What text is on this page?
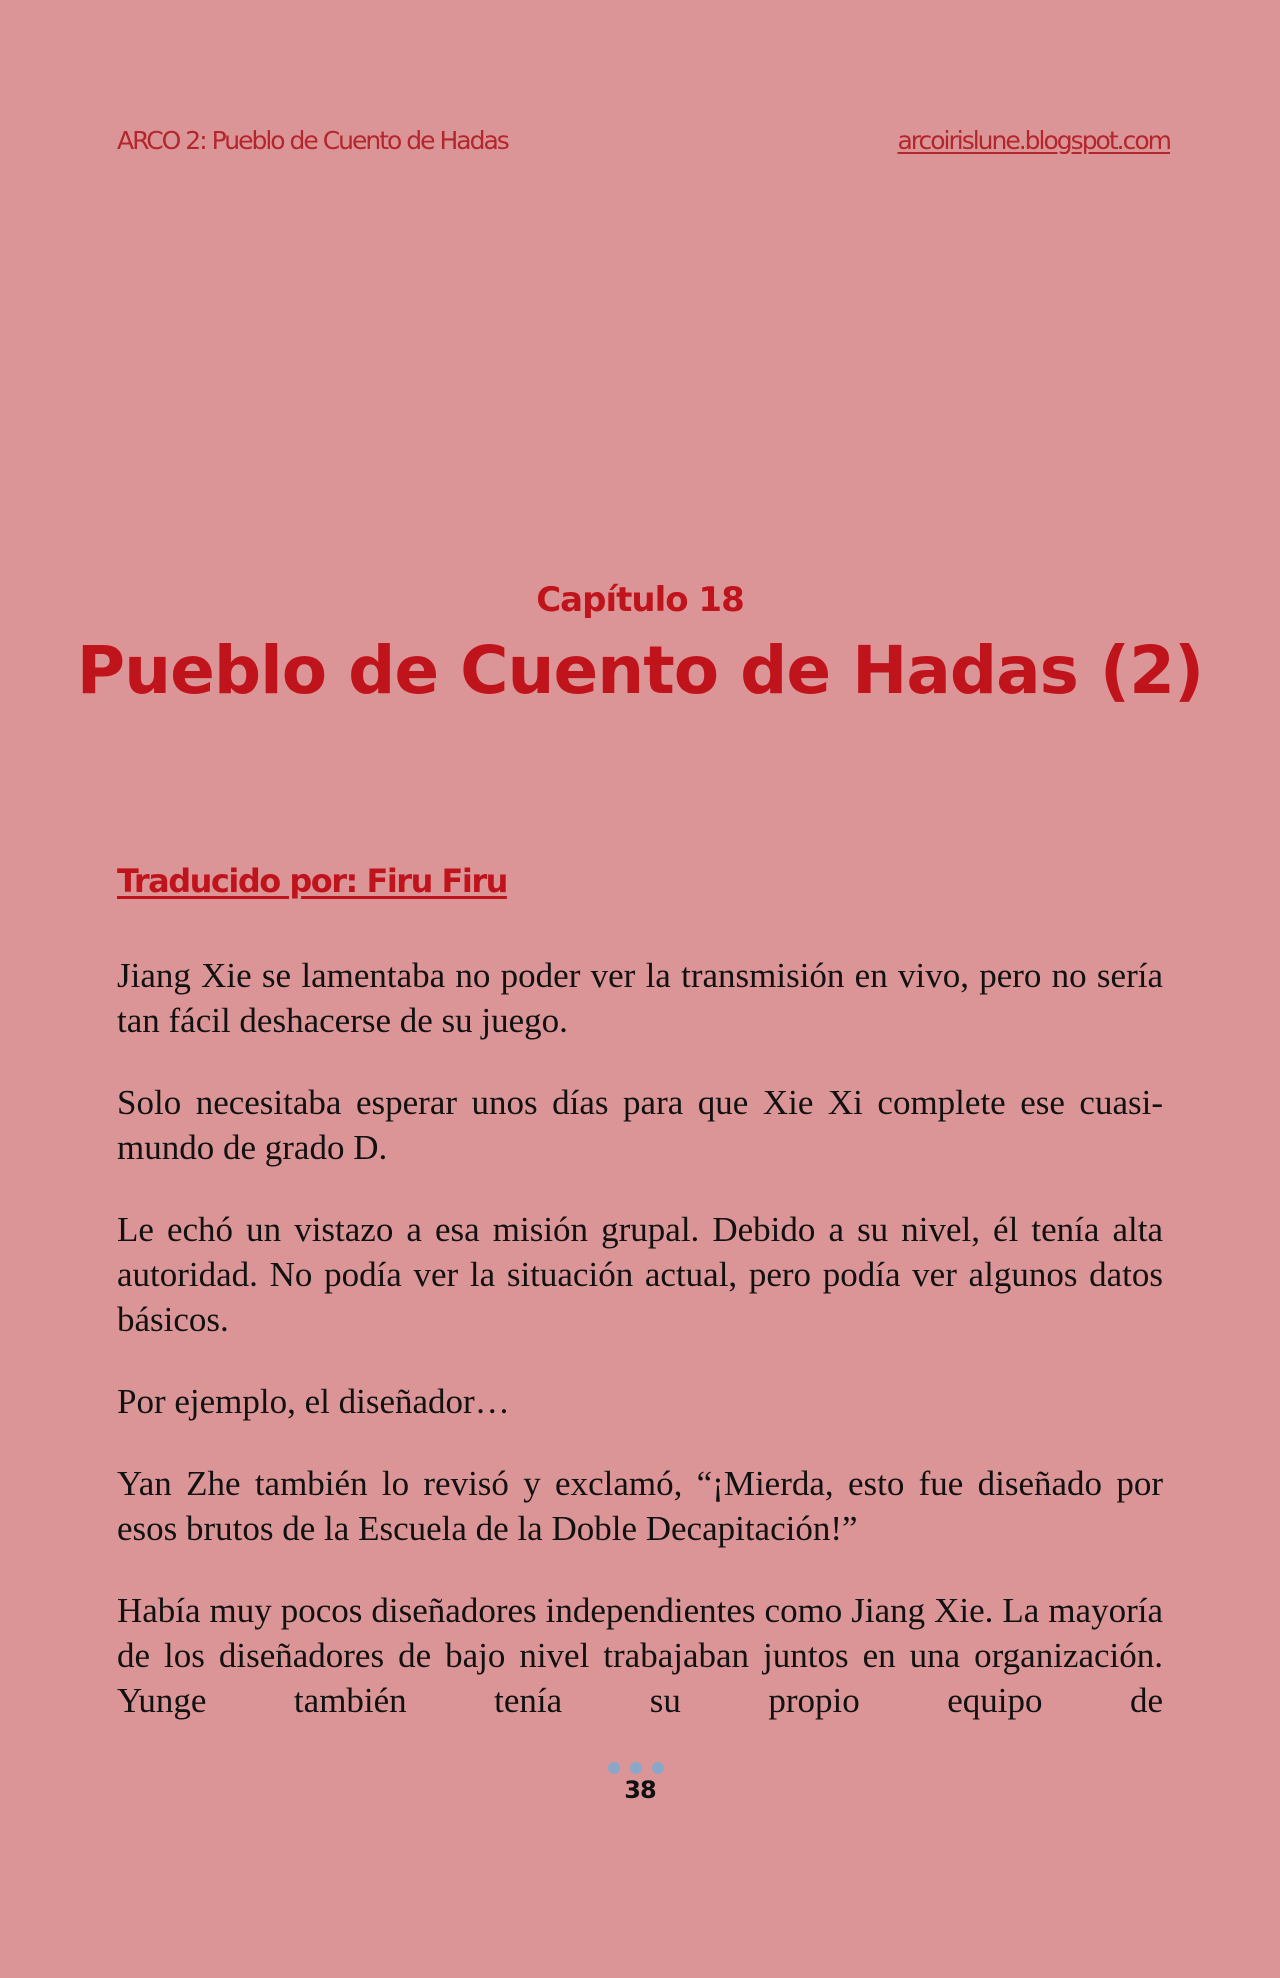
ARCO 2: Pueblo de Cuento de Hadas	arcoirislune.blogspot.com
Capítulo 18
Pueblo de Cuento de Hadas (2)
Traducido por: Firu Firu

Jiang Xie se lamentaba no poder ver la transmisión en vivo, pero no sería tan fácil deshacerse de su juego.

Solo necesitaba esperar unos días para que Xie Xi complete ese cuasi-mundo de grado D.

Le echó un vistazo a esa misión grupal. Debido a su nivel, él tenía alta autoridad. No podía ver la situación actual, pero podía ver algunos datos básicos.

Por ejemplo, el diseñador…

Yan Zhe también lo revisó y exclamó, “¡Mierda, esto fue diseñado por esos brutos de la Escuela de la Doble Decapitación!”

Había muy pocos diseñadores independientes como Jiang Xie. La mayoría de los diseñadores de bajo nivel trabajaban juntos en una organización. Yunge también tenía su propio equipo de

38
